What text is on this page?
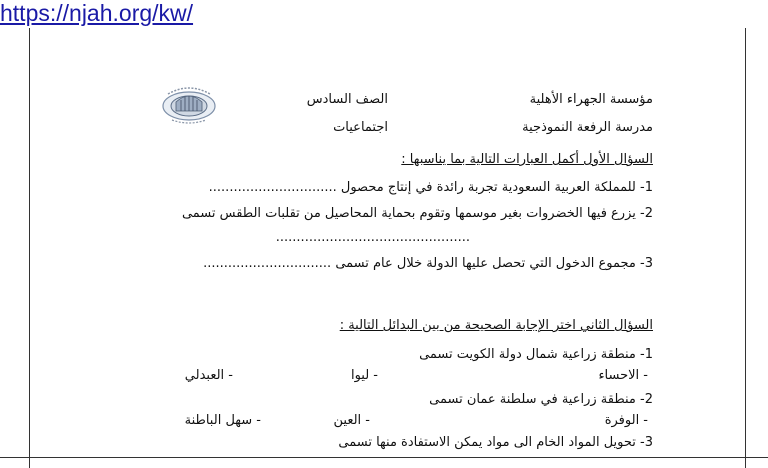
https://njah.org/kw/
مؤسسة الجهراء الأهلية
مدرسة الرفعة النموذجية
الصف السادس
اجتماعيات
السؤال الأول أكمل العبارات التالية بما يناسبها :
1- للمملكة العربية السعودية تجربة رائدة في إنتاج محصول ...............................
2- يزرع فيها الخضروات بغير موسمها وتقوم بحماية المحاصيل من تقلبات الطقس تسمى
...............................................
3- مجموع الدخول التي تحصل عليها الدولة خلال عام تسمى ...............................
السؤال الثاني اختر الإجابة الصحيحة من بين البدائل التالية :
1- منطقة زراعية شمال دولة الكويت تسمى
- الاحساء
- ليوا
- العبدلي
2- منطقة زراعية في سلطنة عمان تسمى
- الوفرة
- العين
- سهل الباطنة
3- تحويل المواد الخام الى مواد يمكن الاستفادة منها تسمى
